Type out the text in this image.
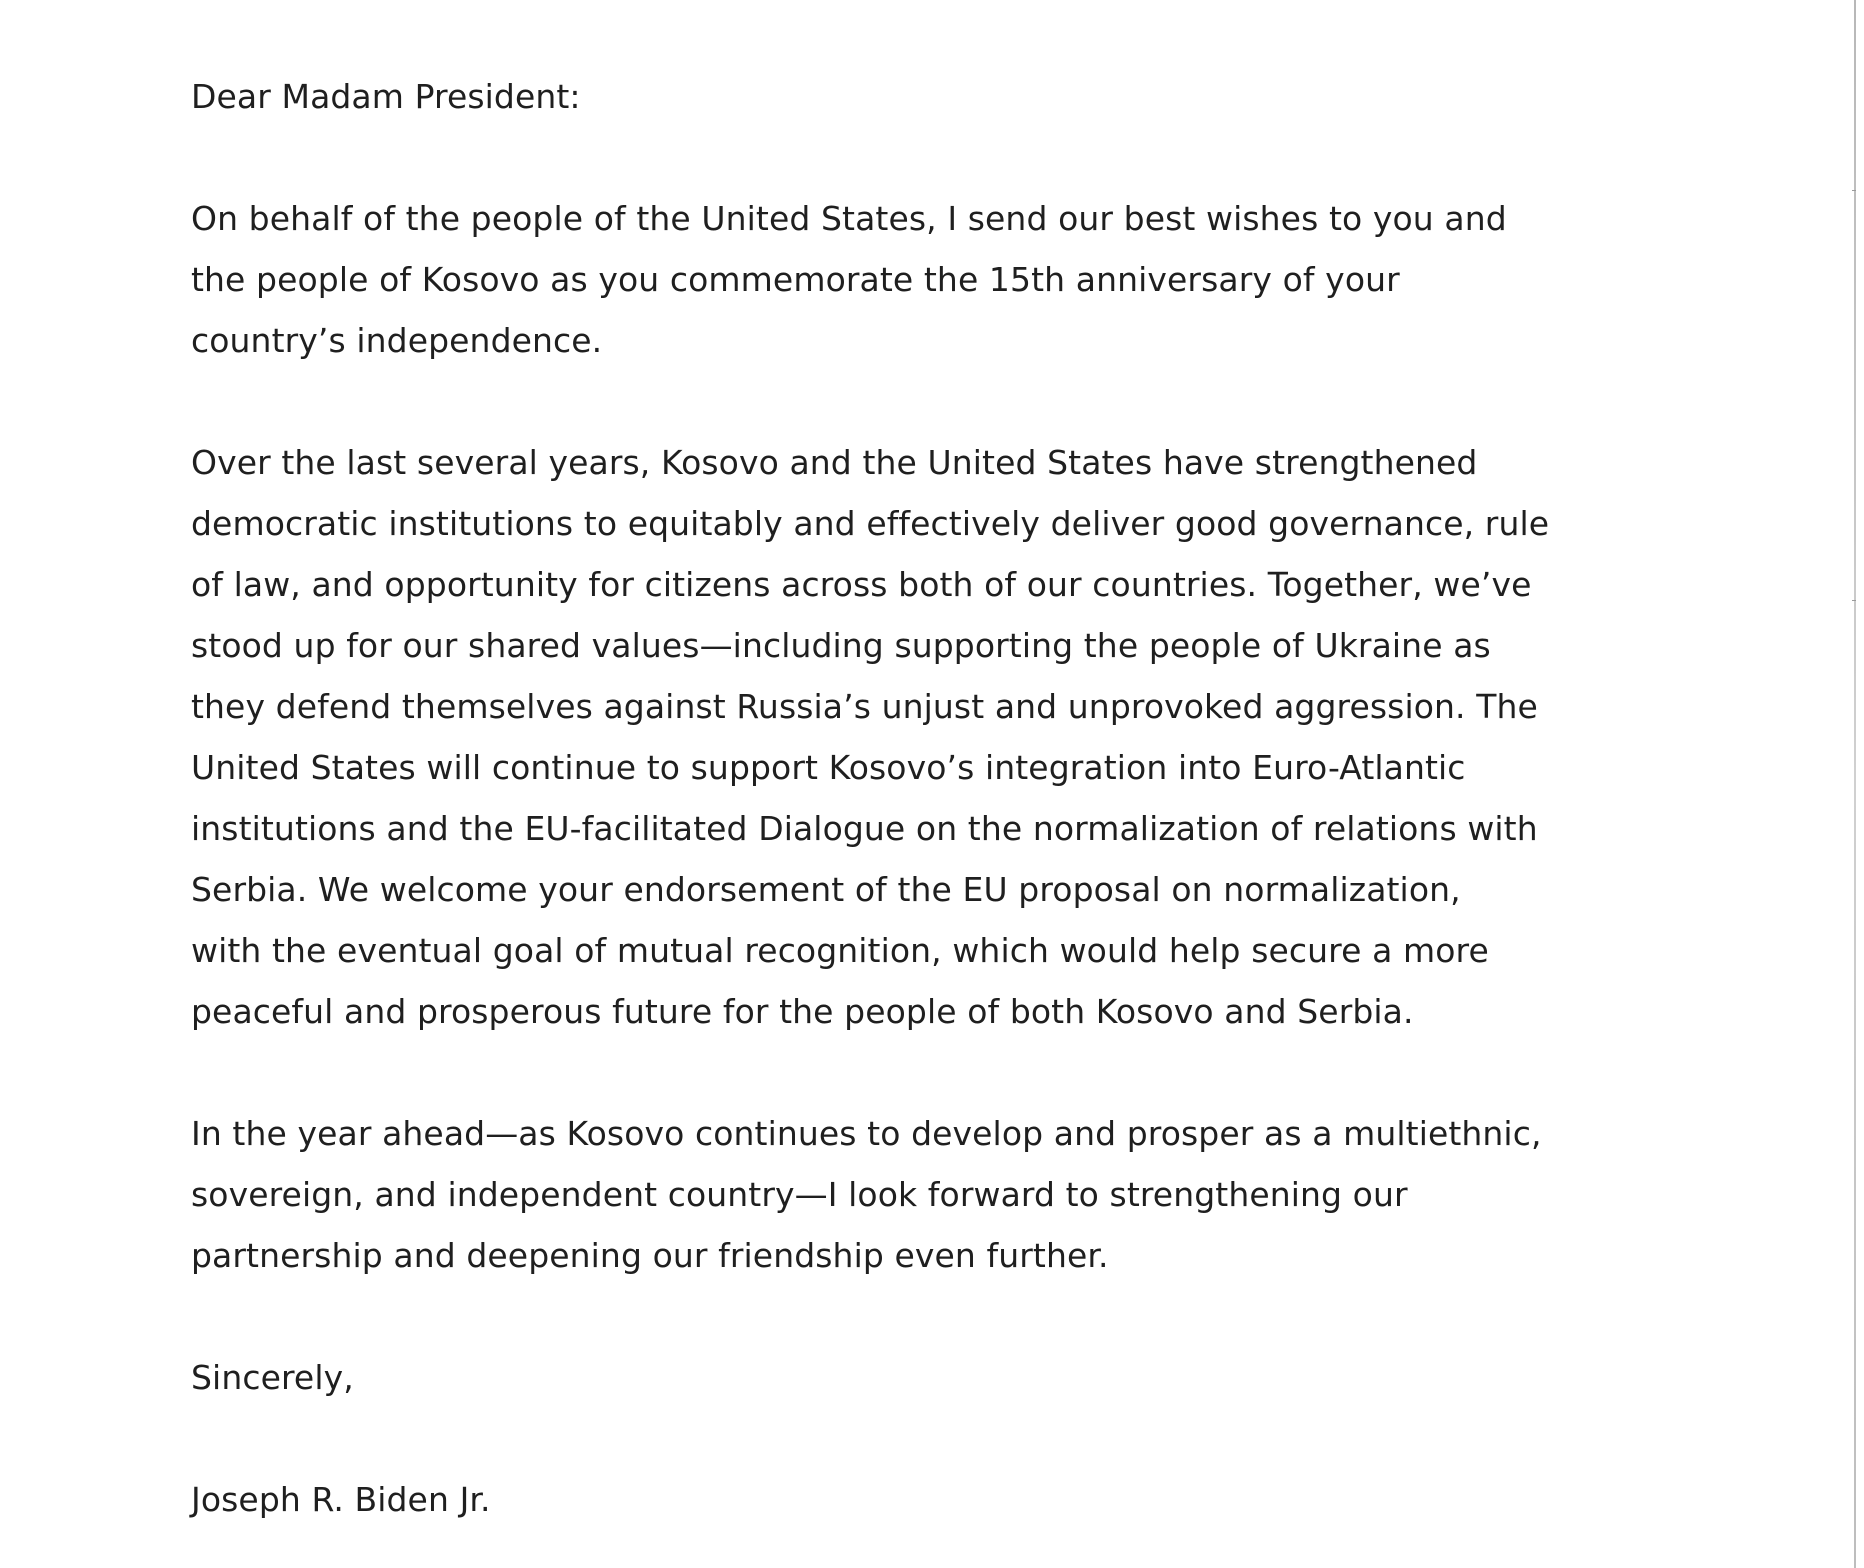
Dear Madam President:
On behalf of the people of the United States, I send our best wishes to you and
the people of Kosovo as you commemorate the 15th anniversary of your
country’s independence.
Over the last several years, Kosovo and the United States have strengthened
democratic institutions to equitably and effectively deliver good governance, rule
of law, and opportunity for citizens across both of our countries. Together, we’ve
stood up for our shared values—including supporting the people of Ukraine as
they defend themselves against Russia’s unjust and unprovoked aggression. The
United States will continue to support Kosovo’s integration into Euro-Atlantic
institutions and the EU-facilitated Dialogue on the normalization of relations with
Serbia. We welcome your endorsement of the EU proposal on normalization,
with the eventual goal of mutual recognition, which would help secure a more
peaceful and prosperous future for the people of both Kosovo and Serbia.
In the year ahead—as Kosovo continues to develop and prosper as a multiethnic,
sovereign, and independent country—I look forward to strengthening our
partnership and deepening our friendship even further.
Sincerely,
Joseph R. Biden Jr.
